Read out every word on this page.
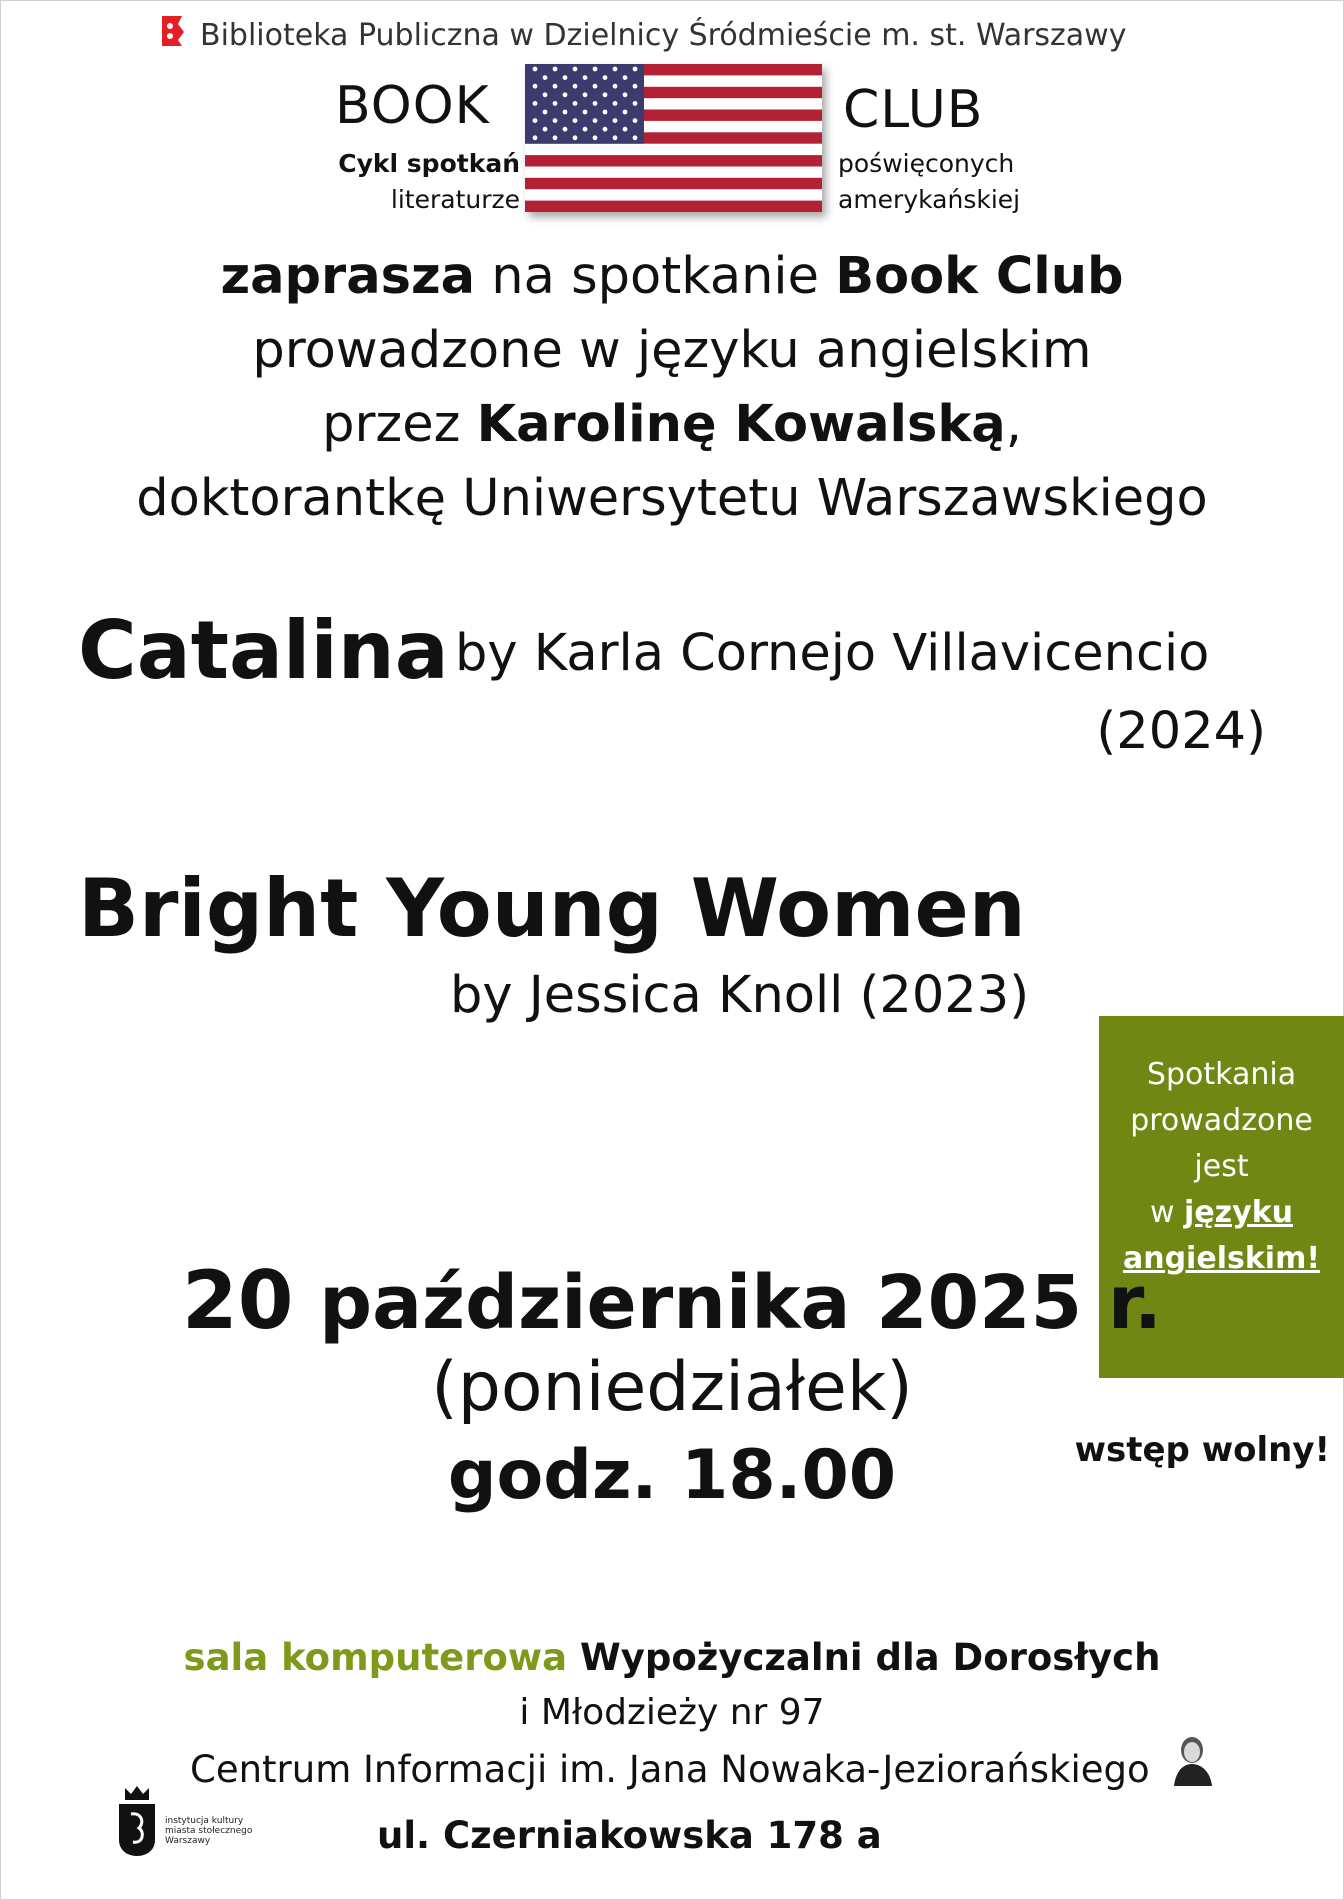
Biblioteka Publiczna w Dzielnicy Śródmieście m. st. Warszawy
BOOK	CLUB
Cykl spotkań
literaturze
poświęconych
amerykańskiej
zaprasza na spotkanie Book Club
prowadzone w języku angielskim
przez Karolinę Kowalską,
doktorantkę Uniwersytetu Warszawskiego
Catalina by Karla Cornejo Villavicencio
(2024)
Bright Young Women
by Jessica Knoll (2023)
Spotkania
prowadzone
jest
w języku
angielskim!
20 października 2025 r.
(poniedziałek)
godz. 18.00	wstęp wolny!
sala komputerowa Wypożyczalni dla Dorosłych
i Młodzieży nr 97
Centrum Informacji im. Jana Nowaka-Jeziorańskiego
ul. Czerniakowska 178 a
instytucja kultury
miasta stołecznego
Warszawy
